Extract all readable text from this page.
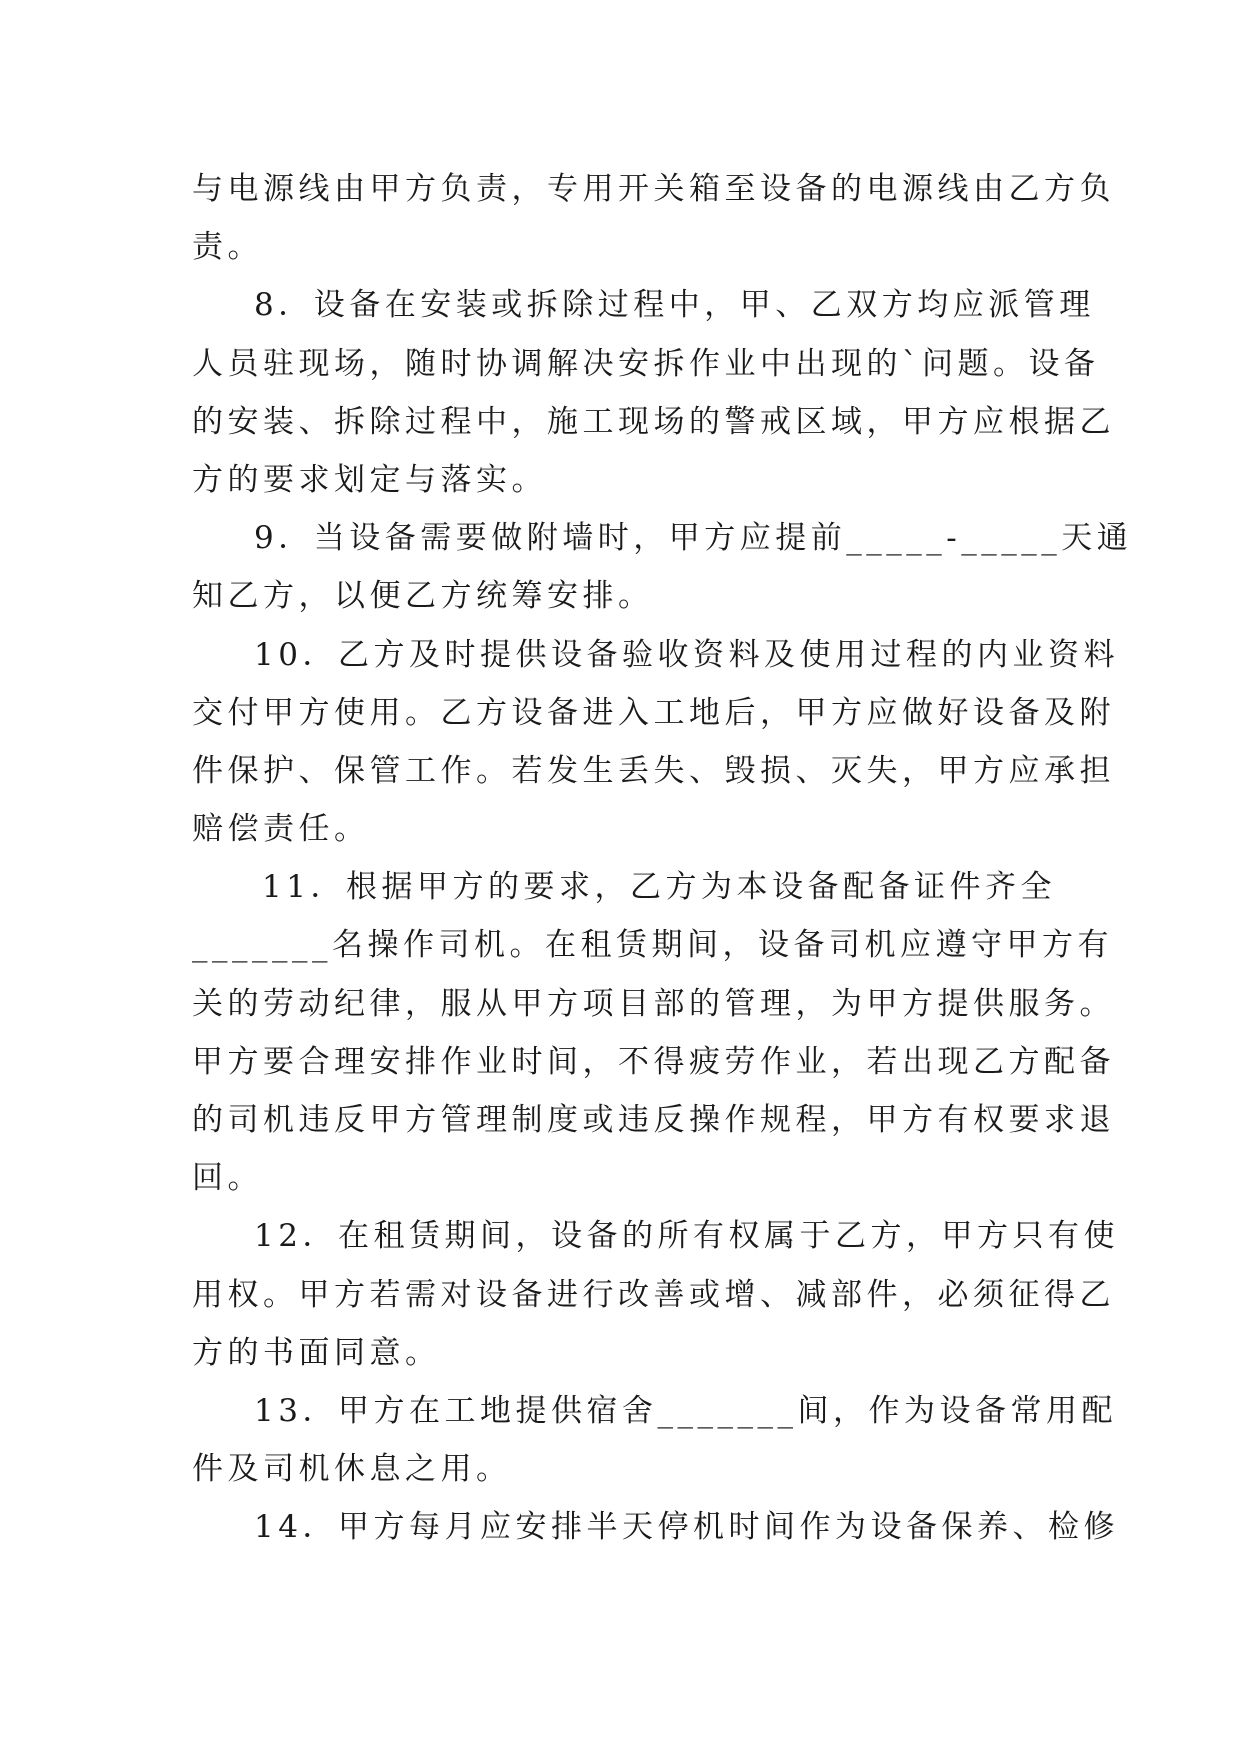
与电源线由甲方负责，专用开关箱至设备的电源线由乙方负
责。
8．设备在安装或拆除过程中，甲、乙双方均应派管理
人员驻现场，随时协调解决安拆作业中出现的`问题。设备
的安装、拆除过程中，施工现场的警戒区域，甲方应根据乙
方的要求划定与落实。
9．当设备需要做附墙时，甲方应提前_____-_____天通
知乙方，以便乙方统筹安排。
10．乙方及时提供设备验收资料及使用过程的内业资料
交付甲方使用。乙方设备进入工地后，甲方应做好设备及附
件保护、保管工作。若发生丢失、毁损、灭失，甲方应承担
赔偿责任。
11．根据甲方的要求，乙方为本设备配备证件齐全
_______名操作司机。在租赁期间，设备司机应遵守甲方有
关的劳动纪律，服从甲方项目部的管理，为甲方提供服务。
甲方要合理安排作业时间，不得疲劳作业，若出现乙方配备
的司机违反甲方管理制度或违反操作规程，甲方有权要求退
回。
12．在租赁期间，设备的所有权属于乙方，甲方只有使
用权。甲方若需对设备进行改善或增、减部件，必须征得乙
方的书面同意。
13．甲方在工地提供宿舍_______间，作为设备常用配
件及司机休息之用。
14．甲方每月应安排半天停机时间作为设备保养、检修
